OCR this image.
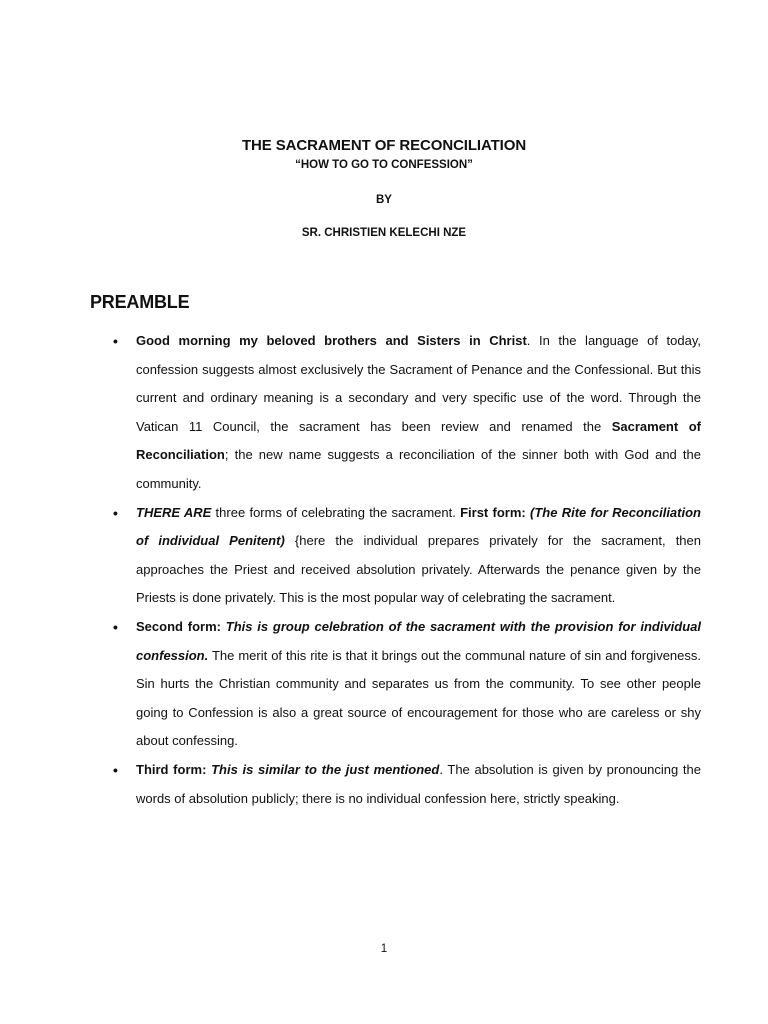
THE SACRAMENT OF RECONCILIATION
“HOW TO GO TO CONFESSION”
BY
SR. CHRISTIEN KELECHI NZE
PREAMBLE
• Good morning my beloved brothers and Sisters in Christ. In the language of today, confession suggests almost exclusively the Sacrament of Penance and the Confessional. But this current and ordinary meaning is a secondary and very specific use of the word. Through the Vatican 11 Council, the sacrament has been review and renamed the Sacrament of Reconciliation; the new name suggests a reconciliation of the sinner both with God and the community.
• THERE ARE three forms of celebrating the sacrament. First form: (The Rite for Reconciliation of individual Penitent) {here the individual prepares privately for the sacrament, then approaches the Priest and received absolution privately. Afterwards the penance given by the Priests is done privately. This is the most popular way of celebrating the sacrament.
• Second form: This is group celebration of the sacrament with the provision for individual confession. The merit of this rite is that it brings out the communal nature of sin and forgiveness. Sin hurts the Christian community and separates us from the community. To see other people going to Confession is also a great source of encouragement for those who are careless or shy about confessing.
• Third form: This is similar to the just mentioned. The absolution is given by pronouncing the words of absolution publicly; there is no individual confession here, strictly speaking.
1
